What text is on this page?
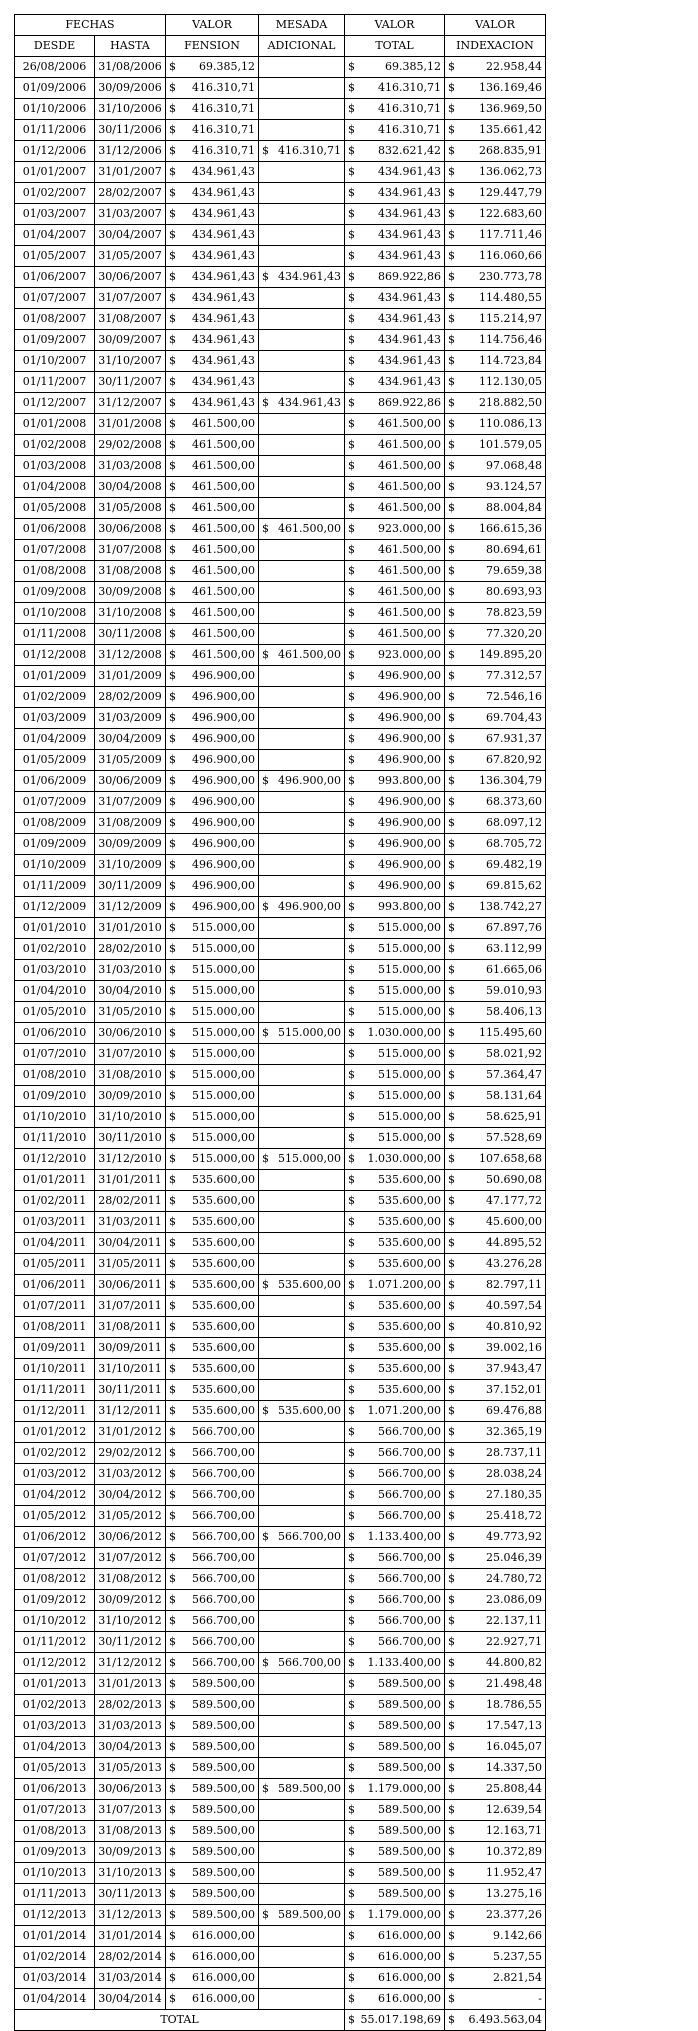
FECHAS		VALOR		MESADA	VALOR		VALOR	
DESDE	HASTA	FENSION		ADICIONAL	TOTAL		INDEXACION	
26/08/2006	31/08/2006	$	69.385,12		$	69.385,12	$	22.958,44
01/09/2006	30/09/2006	$	416.310,71		$	416.310,71	$	136.169,46
01/10/2006	31/10/2006	$	416.310,71		$	416.310,71	$	136.969,50
01/11/2006	30/11/2006	$	416.310,71		$	416.310,71	$	135.661,42
01/12/2006	31/12/2006	$	416.310,71	$ 416.310,71	$	832.621,42	$	268.835,91
01/01/2007	31/01/2007	$	434.961,43		$	434.961,43	$	136.062,73
01/02/2007	28/02/2007	$	434.961,43		$	434.961,43	$	129.447,79
01/03/2007	31/03/2007	$	434.961,43		$	434.961,43	$	122.683,60
01/04/2007	30/04/2007	$	434.961,43		$	434.961,43	$	117.711,46
01/05/2007	31/05/2007	$	434.961,43		$	434.961,43	$	116.060,66
01/06/2007	30/06/2007	$	434.961,43	$ 434.961,43	$	869.922,86	$	230.773,78
01/07/2007	31/07/2007	$	434.961,43		$	434.961,43	$	114.480,55
01/08/2007	31/08/2007	$	434.961,43		$	434.961,43	$	115.214,97
01/09/2007	30/09/2007	$	434.961,43		$	434.961,43	$	114.756,46
01/10/2007	31/10/2007	$	434.961,43		$	434.961,43	$	114.723,84
01/11/2007	30/11/2007	$	434.961,43		$	434.961,43	$	112.130,05
01/12/2007	31/12/2007	$	434.961,43	$ 434.961,43	$	869.922,86	$	218.882,50
01/01/2008	31/01/2008	$	461.500,00		$	461.500,00	$	110.086,13
01/02/2008	29/02/2008	$	461.500,00		$	461.500,00	$	101.579,05
01/03/2008	31/03/2008	$	461.500,00		$	461.500,00	$	97.068,48
01/04/2008	30/04/2008	$	461.500,00		$	461.500,00	$	93.124,57
01/05/2008	31/05/2008	$	461.500,00		$	461.500,00	$	88.004,84
01/06/2008	30/06/2008	$	461.500,00	$ 461.500,00	$	923.000,00	$	166.615,36
01/07/2008	31/07/2008	$	461.500,00		$	461.500,00	$	80.694,61
01/08/2008	31/08/2008	$	461.500,00		$	461.500,00	$	79.659,38
01/09/2008	30/09/2008	$	461.500,00		$	461.500,00	$	80.693,93
01/10/2008	31/10/2008	$	461.500,00		$	461.500,00	$	78.823,59
01/11/2008	30/11/2008	$	461.500,00		$	461.500,00	$	77.320,20
01/12/2008	31/12/2008	$	461.500,00	$ 461.500,00	$	923.000,00	$	149.895,20
01/01/2009	31/01/2009	$	496.900,00		$	496.900,00	$	77.312,57
01/02/2009	28/02/2009	$	496.900,00		$	496.900,00	$	72.546,16
01/03/2009	31/03/2009	$	496.900,00		$	496.900,00	$	69.704,43
01/04/2009	30/04/2009	$	496.900,00		$	496.900,00	$	67.931,37
01/05/2009	31/05/2009	$	496.900,00		$	496.900,00	$	67.820,92
01/06/2009	30/06/2009	$	496.900,00	$ 496.900,00	$	993.800,00	$	136.304,79
01/07/2009	31/07/2009	$	496.900,00		$	496.900,00	$	68.373,60
01/08/2009	31/08/2009	$	496.900,00		$	496.900,00	$	68.097,12
01/09/2009	30/09/2009	$	496.900,00		$	496.900,00	$	68.705,72
01/10/2009	31/10/2009	$	496.900,00		$	496.900,00	$	69.482,19
01/11/2009	30/11/2009	$	496.900,00		$	496.900,00	$	69.815,62
01/12/2009	31/12/2009	$	496.900,00	$ 496.900,00	$	993.800,00	$	138.742,27
01/01/2010	31/01/2010	$	515.000,00		$	515.000,00	$	67.897,76
01/02/2010	28/02/2010	$	515.000,00		$	515.000,00	$	63.112,99
01/03/2010	31/03/2010	$	515.000,00		$	515.000,00	$	61.665,06
01/04/2010	30/04/2010	$	515.000,00		$	515.000,00	$	59.010,93
01/05/2010	31/05/2010	$	515.000,00		$	515.000,00	$	58.406,13
01/06/2010	30/06/2010	$	515.000,00	$ 515.000,00	$	1.030.000,00	$	115.495,60
01/07/2010	31/07/2010	$	515.000,00		$	515.000,00	$	58.021,92
01/08/2010	31/08/2010	$	515.000,00		$	515.000,00	$	57.364,47
01/09/2010	30/09/2010	$	515.000,00		$	515.000,00	$	58.131,64
01/10/2010	31/10/2010	$	515.000,00		$	515.000,00	$	58.625,91
01/11/2010	30/11/2010	$	515.000,00		$	515.000,00	$	57.528,69
01/12/2010	31/12/2010	$	515.000,00	$ 515.000,00	$	1.030.000,00	$	107.658,68
01/01/2011	31/01/2011	$	535.600,00		$	535.600,00	$	50.690,08
01/02/2011	28/02/2011	$	535.600,00		$	535.600,00	$	47.177,72
01/03/2011	31/03/2011	$	535.600,00		$	535.600,00	$	45.600,00
01/04/2011	30/04/2011	$	535.600,00		$	535.600,00	$	44.895,52
01/05/2011	31/05/2011	$	535.600,00		$	535.600,00	$	43.276,28
01/06/2011	30/06/2011	$	535.600,00	$ 535.600,00	$	1.071.200,00	$	82.797,11
01/07/2011	31/07/2011	$	535.600,00		$	535.600,00	$	40.597,54
01/08/2011	31/08/2011	$	535.600,00		$	535.600,00	$	40.810,92
01/09/2011	30/09/2011	$	535.600,00		$	535.600,00	$	39.002,16
01/10/2011	31/10/2011	$	535.600,00		$	535.600,00	$	37.943,47
01/11/2011	30/11/2011	$	535.600,00		$	535.600,00	$	37.152,01
01/12/2011	31/12/2011	$	535.600,00	$ 535.600,00	$	1.071.200,00	$	69.476,88
01/01/2012	31/01/2012	$	566.700,00		$	566.700,00	$	32.365,19
01/02/2012	29/02/2012	$	566.700,00		$	566.700,00	$	28.737,11
01/03/2012	31/03/2012	$	566.700,00		$	566.700,00	$	28.038,24
01/04/2012	30/04/2012	$	566.700,00		$	566.700,00	$	27.180,35
01/05/2012	31/05/2012	$	566.700,00		$	566.700,00	$	25.418,72
01/06/2012	30/06/2012	$	566.700,00	$ 566.700,00	$	1.133.400,00	$	49.773,92
01/07/2012	31/07/2012	$	566.700,00		$	566.700,00	$	25.046,39
01/08/2012	31/08/2012	$	566.700,00		$	566.700,00	$	24.780,72
01/09/2012	30/09/2012	$	566.700,00		$	566.700,00	$	23.086,09
01/10/2012	31/10/2012	$	566.700,00		$	566.700,00	$	22.137,11
01/11/2012	30/11/2012	$	566.700,00		$	566.700,00	$	22.927,71
01/12/2012	31/12/2012	$	566.700,00	$ 566.700,00	$	1.133.400,00	$	44.800,82
01/01/2013	31/01/2013	$	589.500,00		$	589.500,00	$	21.498,48
01/02/2013	28/02/2013	$	589.500,00		$	589.500,00	$	18.786,55
01/03/2013	31/03/2013	$	589.500,00		$	589.500,00	$	17.547,13
01/04/2013	30/04/2013	$	589.500,00		$	589.500,00	$	16.045,07
01/05/2013	31/05/2013	$	589.500,00		$	589.500,00	$	14.337,50
01/06/2013	30/06/2013	$	589.500,00	$ 589.500,00	$	1.179.000,00	$	25.808,44
01/07/2013	31/07/2013	$	589.500,00		$	589.500,00	$	12.639,54
01/08/2013	31/08/2013	$	589.500,00		$	589.500,00	$	12.163,71
01/09/2013	30/09/2013	$	589.500,00		$	589.500,00	$	10.372,89
01/10/2013	31/10/2013	$	589.500,00		$	589.500,00	$	11.952,47
01/11/2013	30/11/2013	$	589.500,00		$	589.500,00	$	13.275,16
01/12/2013	31/12/2013	$	589.500,00	$ 589.500,00	$	1.179.000,00	$	23.377,26
01/01/2014	31/01/2014	$	616.000,00		$	616.000,00	$	9.142,66
01/02/2014	28/02/2014	$	616.000,00		$	616.000,00	$	5.237,55
01/03/2014	31/03/2014	$	616.000,00		$	616.000,00	$	2.821,54
01/04/2014	30/04/2014	$	616.000,00		$	616.000,00	$	-
TOTAL					$	55.017.198,69	$	6.493.563,04
